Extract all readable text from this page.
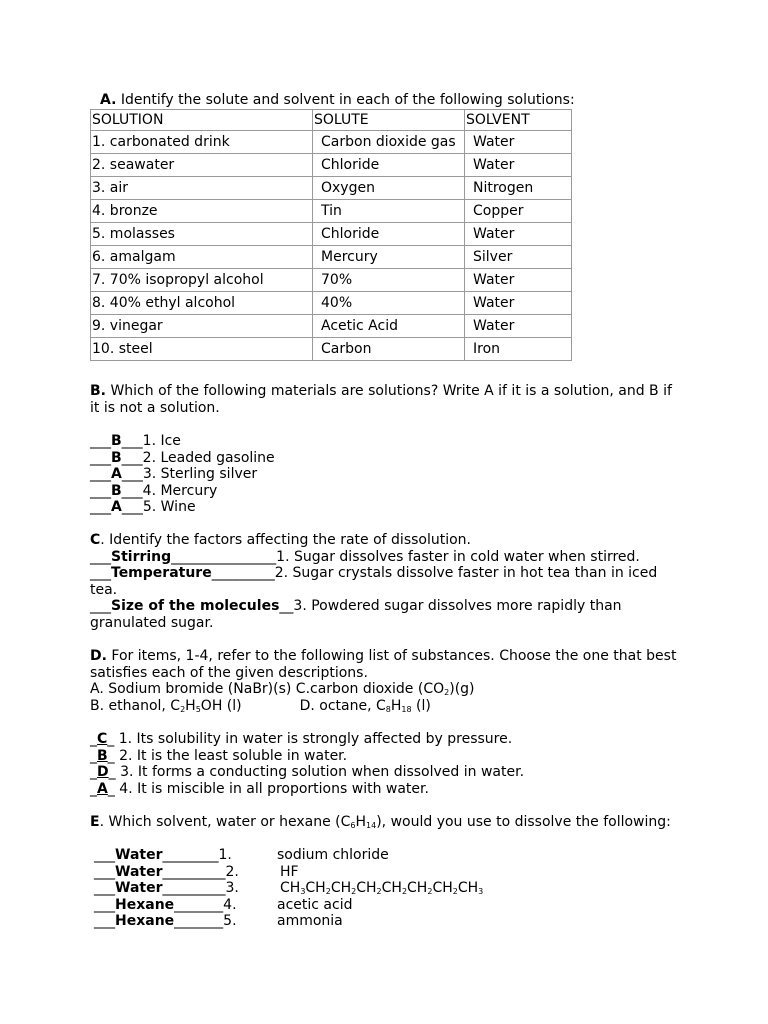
A. Identify the solute and solvent in each of the following solutions:
SOLUTION	SOLUTE	SOLVENT
1. carbonated drink	Carbon dioxide gas	Water
2. seawater	Chloride	Water
3. air	Oxygen	Nitrogen
4. bronze	Tin	Copper
5. molasses	Chloride	Water
6. amalgam	Mercury	Silver
7. 70% isopropyl alcohol	70%	Water
8. 40% ethyl alcohol	40%	Water
9. vinegar	Acetic Acid	Water
10. steel	Carbon	Iron
B. Which of the following materials are solutions? Write A if it is a solution, and B if it is not a solution.
___B___1. Ice
___B___2. Leaded gasoline
___A___3. Sterling silver
___B___4. Mercury
___A___5. Wine
C. Identify the factors affecting the rate of dissolution.
___Stirring_______________1. Sugar dissolves faster in cold water when stirred.
___Temperature_________2. Sugar crystals dissolve faster in hot tea than in iced tea.
___Size of the molecules__3. Powdered sugar dissolves more rapidly than granulated sugar.
D. For items, 1-4, refer to the following list of substances. Choose the one that best satisfies each of the given descriptions.
A. Sodium bromide (NaBr)(s) C.carbon dioxide $(CO_2)(g)$
B. ethanol, $C_2H_5OH$ (l)	D. octane, $C_8H_{18}$ (l)
_C_ 1. Its solubility in water is strongly affected by pressure.
_B_ 2. It is the least soluble in water.
_D_ 3. It forms a conducting solution when dissolved in water.
_A_ 4. It is miscible in all proportions with water.
E. Which solvent, water or hexane $(C_6H_{14})$, would you use to dissolve the following:
___Water________1.	sodium chloride
___Water_________2.	HF
___Water_________3.	$CH_3CH_2CH_2CH_2CH_2CH_2CH_2CH_3$
___Hexane_______4.	acetic acid
___Hexane_______5.	ammonia
